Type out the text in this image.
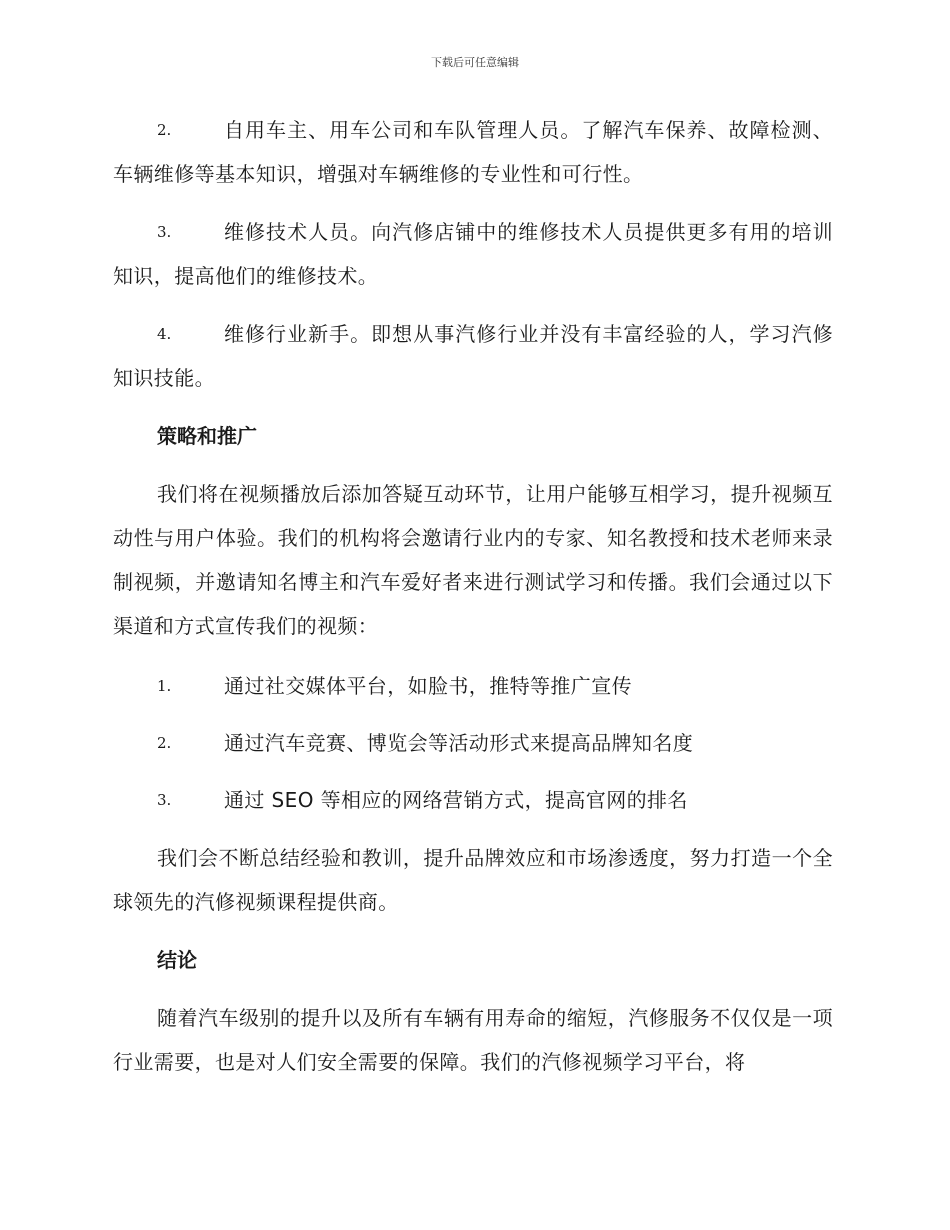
下载后可任意编辑
2.	自用车主、用车公司和车队管理人员。了解汽车保养、故障检测、车辆维修等基本知识，增强对车辆维修的专业性和可行性。

3.	维修技术人员。向汽修店铺中的维修技术人员提供更多有用的培训知识，提高他们的维修技术。

4.	维修行业新手。即想从事汽修行业并没有丰富经验的人，学习汽修知识技能。

策略和推广

我们将在视频播放后添加答疑互动环节，让用户能够互相学习，提升视频互动性与用户体验。我们的机构将会邀请行业内的专家、知名教授和技术老师来录制视频，并邀请知名博主和汽车爱好者来进行测试学习和传播。我们会通过以下渠道和方式宣传我们的视频：

1.	通过社交媒体平台，如脸书，推特等推广宣传

2.	通过汽车竞赛、博览会等活动形式来提高品牌知名度

3.	通过 SEO 等相应的网络营销方式，提高官网的排名

我们会不断总结经验和教训，提升品牌效应和市场渗透度，努力打造一个全球领先的汽修视频课程提供商。

结论

随着汽车级别的提升以及所有车辆有用寿命的缩短，汽修服务不仅仅是一项行业需要，也是对人们安全需要的保障。我们的汽修视频学习平台，将
